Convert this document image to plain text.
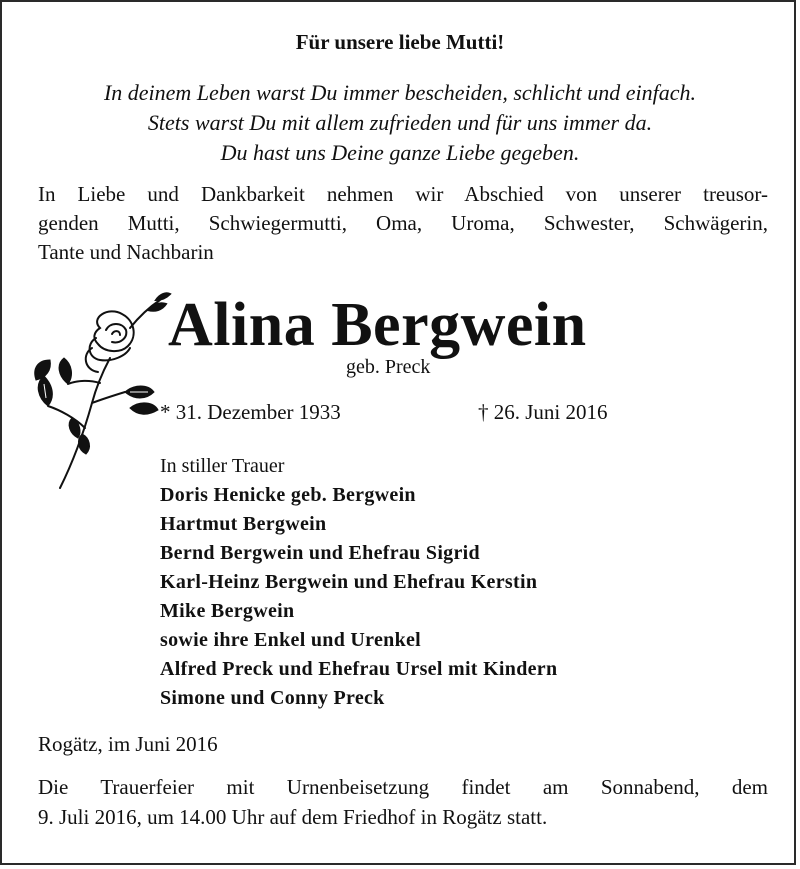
Für unsere liebe Mutti!
In deinem Leben warst Du immer bescheiden, schlicht und einfach.
Stets warst Du mit allem zufrieden und für uns immer da.
Du hast uns Deine ganze Liebe gegeben.
In Liebe und Dankbarkeit nehmen wir Abschied von unserer treusor-
genden Mutti, Schwiegermutti, Oma, Uroma, Schwester, Schwägerin,
Tante und Nachbarin
Alina Bergwein
geb. Preck
* 31. Dezember 1933	† 26. Juni 2016
In stiller Trauer
Doris Henicke geb. Bergwein
Hartmut Bergwein
Bernd Bergwein und Ehefrau Sigrid
Karl-Heinz Bergwein und Ehefrau Kerstin
Mike Bergwein
sowie ihre Enkel und Urenkel
Alfred Preck und Ehefrau Ursel mit Kindern
Simone und Conny Preck
Rogätz, im Juni 2016
Die Trauerfeier mit Urnenbeisetzung findet am Sonnabend, dem
9. Juli 2016, um 14.00 Uhr auf dem Friedhof in Rogätz statt.
